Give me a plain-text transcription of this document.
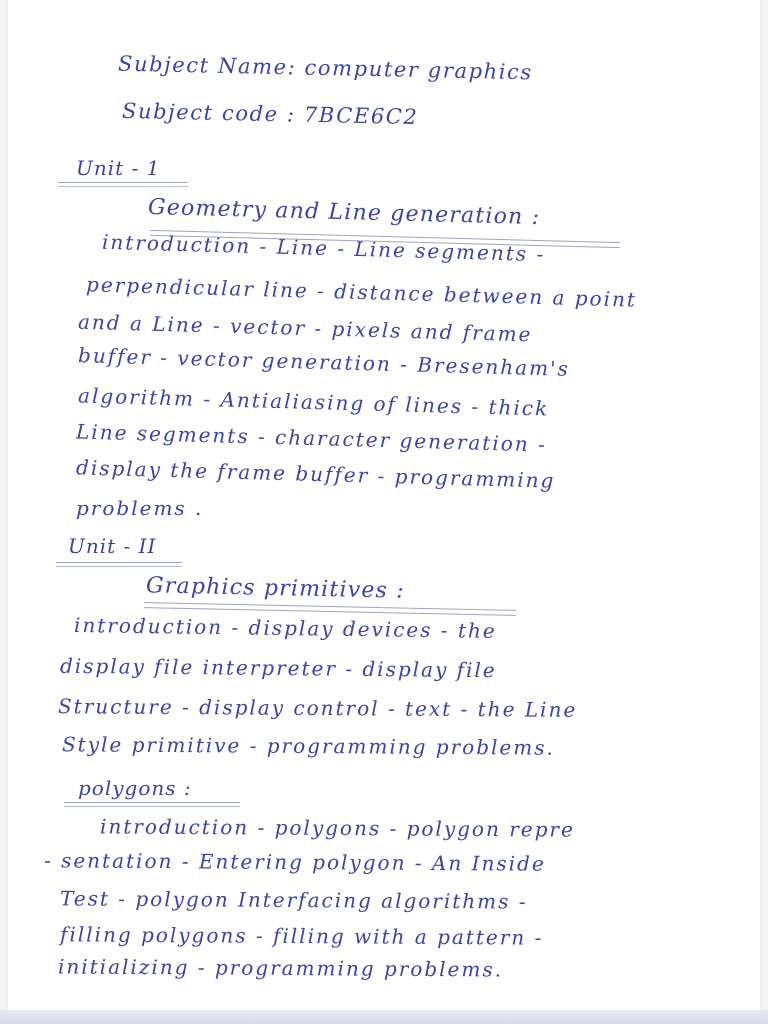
Subject Name: computer graphics

Subject code : 7BCE6C2

Unit - 1

Geometry and Line generation :

introduction - Line - Line segments -

perpendicular line - distance between a point

and a Line - vector - pixels and frame

buffer - vector generation - Bresenham's

algorithm - Antialiasing of lines - thick

Line segments - character generation -

display the frame buffer - programming

problems .

Unit - II

Graphics primitives :

introduction - display devices - the

display file interpreter - display file

Structure - display control - text - the Line

Style primitive - programming problems.

polygons :

introduction - polygons - polygon repre

- sentation - Entering polygon - An Inside

Test - polygon Interfacing algorithms -

filling polygons - filling with a pattern -

initializing - programming problems.
